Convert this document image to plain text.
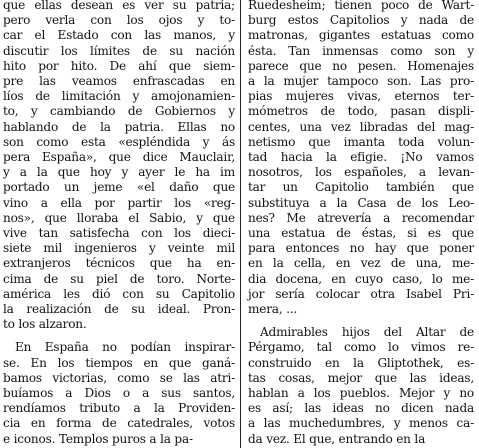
que ellas desean es ver su patria;
pero verla con los ojos y to-
car el Estado con las manos, y
discutir los límites de su nación
hito por hito. De ahí que siem-
pre las veamos enfrascadas en
líos de limitación y amojonamien-
to, y cambiando de Gobiernos y
hablando de la patria. Ellas no
son como esta «espléndida y ás
pera España», que dice Mauclair,
y a la que hoy y ayer le ha im
portado un jeme «el daño que
vino a ella por partir los «reg-
nos», que lloraba el Sabio, y que
vive tan satisfecha con los dieci-
siete mil ingenieros y veinte mil
extranjeros técnicos que ha en-
cima de su piel de toro. Norte-
américa les dió con su Capitolio
la realización de su ideal. Pron-
to los alzaron.
En España no podían inspirar-
se. En los tiempos en que ganá-
bamos victorias, como se las atri-
buíamos a Dios o a sus santos,
rendíamos tributo a la Providen-
cia en forma de catedrales, votos
e iconos. Templos puros a la pa-
Ruedesheim; tienen poco de Wart-
burg estos Capitolios y nada de
matronas, gigantes estatuas como
ésta. Tan inmensas como son y
parece que no pesen. Homenajes
a la mujer tampoco son. Las pro-
pias mujeres vivas, eternos ter-
mómetros de todo, pasan displi-
centes, una vez libradas del mag-
netismo que imanta toda volun-
tad hacia la efigie. ¡No vamos
nosotros, los españoles, a levan-
tar un Capitolio también que
substituya a la Casa de los Leo-
nes? Me atrevería a recomendar
una estatua de éstas, si es que
para entonces no hay que poner
en la cella, en vez de una, me-
dia docena, en cuyo caso, lo me-
jor sería colocar otra Isabel Pri-
mera, ...
Admirables hijos del Altar de
Pérgamo, tal como lo vimos re-
construido en la Gliptothek, es-
tas cosas, mejor que las ideas,
hablan a los pueblos. Mejor y no
es así; las ideas no dicen nada
a las muchedumbres, y menos ca-
da vez. El que, entrando en la
